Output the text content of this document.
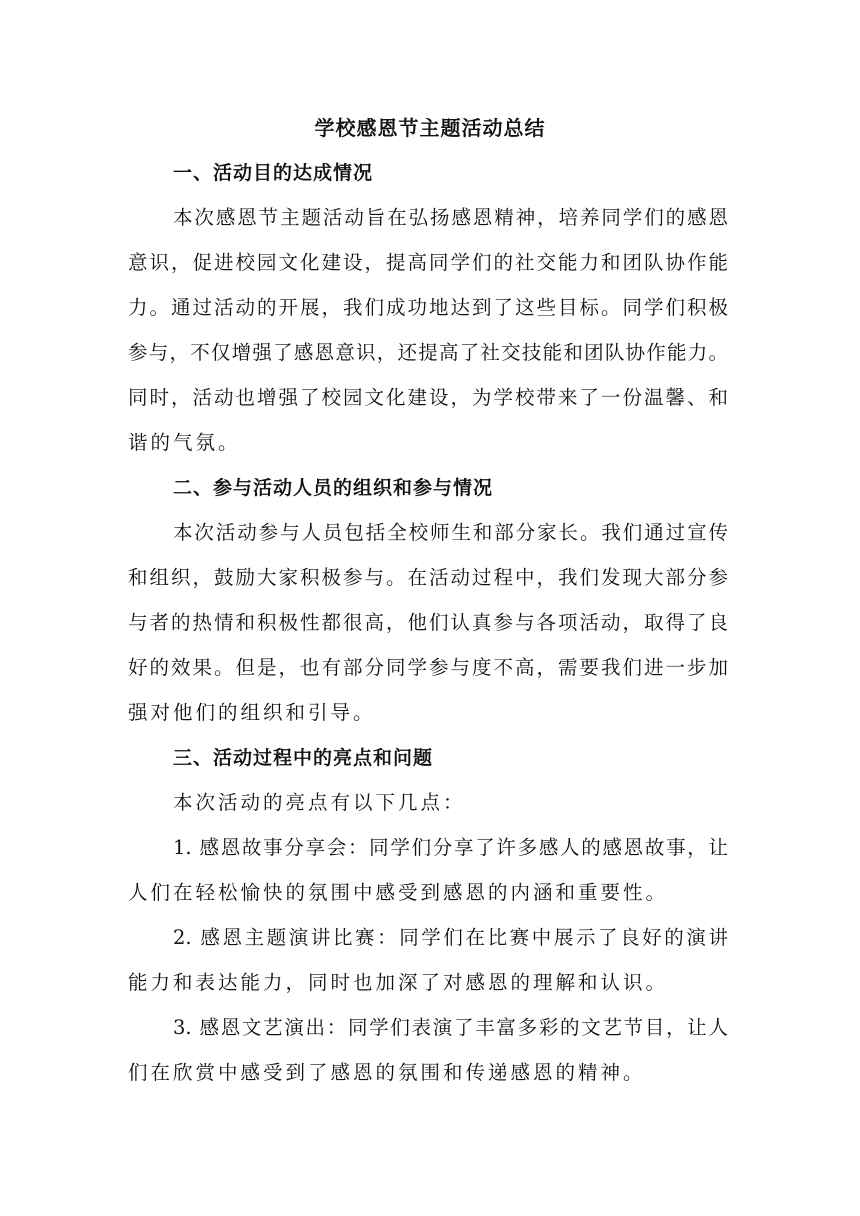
学校感恩节主题活动总结
一、活动目的达成情况
本次感恩节主题活动旨在弘扬感恩精神，培养同学们的感恩
意识，促进校园文化建设，提高同学们的社交能力和团队协作能
力。通过活动的开展，我们成功地达到了这些目标。同学们积极
参与，不仅增强了感恩意识，还提高了社交技能和团队协作能力。
同时，活动也增强了校园文化建设，为学校带来了一份温馨、和
谐的气氛。
二、参与活动人员的组织和参与情况
本次活动参与人员包括全校师生和部分家长。我们通过宣传
和组织，鼓励大家积极参与。在活动过程中，我们发现大部分参
与者的热情和积极性都很高，他们认真参与各项活动，取得了良
好的效果。但是，也有部分同学参与度不高，需要我们进一步加
强对他们的组织和引导。
三、活动过程中的亮点和问题
本次活动的亮点有以下几点：
1. 感恩故事分享会：同学们分享了许多感人的感恩故事，让
人们在轻松愉快的氛围中感受到感恩的内涵和重要性。
2. 感恩主题演讲比赛：同学们在比赛中展示了良好的演讲
能力和表达能力，同时也加深了对感恩的理解和认识。
3. 感恩文艺演出：同学们表演了丰富多彩的文艺节目，让人
们在欣赏中感受到了感恩的氛围和传递感恩的精神。
